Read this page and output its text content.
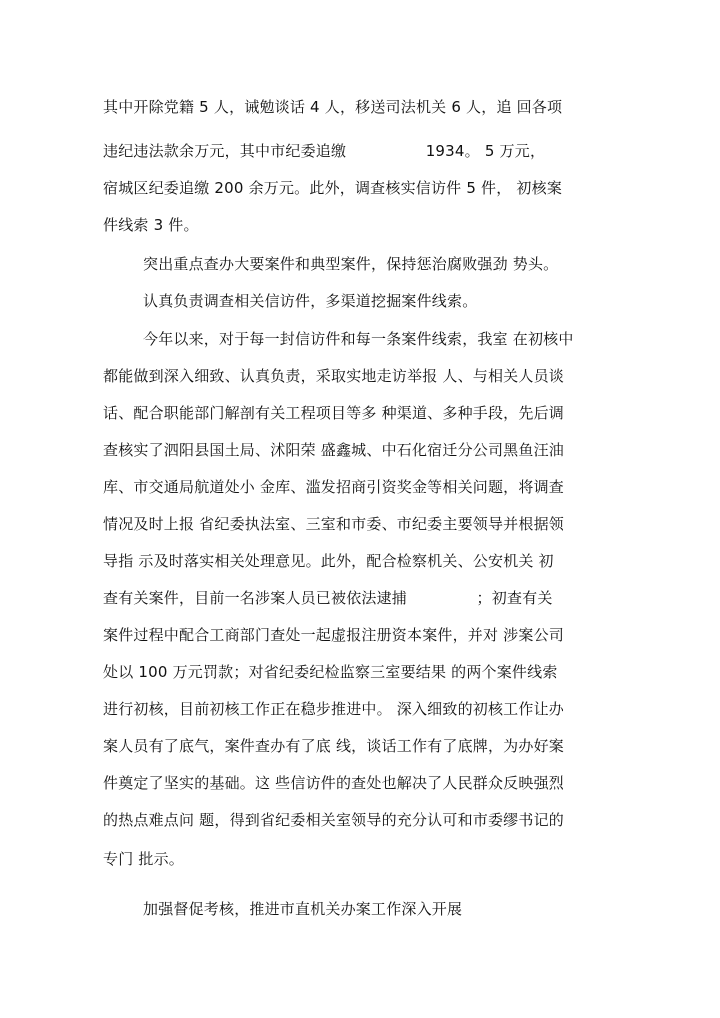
其中开除党籍 5 人，诫勉谈话 4 人，移送司法机关 6 人，追 回各项
违纪违法款余万元，其中市纪委追缴                1934。 5 万元，
宿城区纪委追缴 200 余万元。此外，调查核实信访件 5 件， 初核案
件线索 3 件。
突出重点查办大要案件和典型案件，保持惩治腐败强劲 势头。
认真负责调查相关信访件，多渠道挖掘案件线索。
今年以来，对于每一封信访件和每一条案件线索，我室 在初核中
都能做到深入细致、认真负责，采取实地走访举报 人、与相关人员谈
话、配合职能部门解剖有关工程项目等多 种渠道、多种手段，先后调
查核实了泗阳县国土局、沭阳荣 盛鑫城、中石化宿迁分公司黑鱼汪油
库、市交通局航道处小 金库、滥发招商引资奖金等相关问题，将调查
情况及时上报 省纪委执法室、三室和市委、市纪委主要领导并根据领
导指 示及时落实相关处理意见。此外，配合检察机关、公安机关 初
查有关案件，目前一名涉案人员已被依法逮捕              ；初查有关
案件过程中配合工商部门查处一起虚报注册资本案件，并对 涉案公司
处以 100 万元罚款；对省纪委纪检监察三室要结果 的两个案件线索
进行初核，目前初核工作正在稳步推进中。 深入细致的初核工作让办
案人员有了底气，案件查办有了底 线，谈话工作有了底牌，为办好案
件奠定了坚实的基础。这 些信访件的查处也解决了人民群众反映强烈
的热点难点问 题，得到省纪委相关室领导的充分认可和市委缪书记的
专门 批示。
加强督促考核，推进市直机关办案工作深入开展
